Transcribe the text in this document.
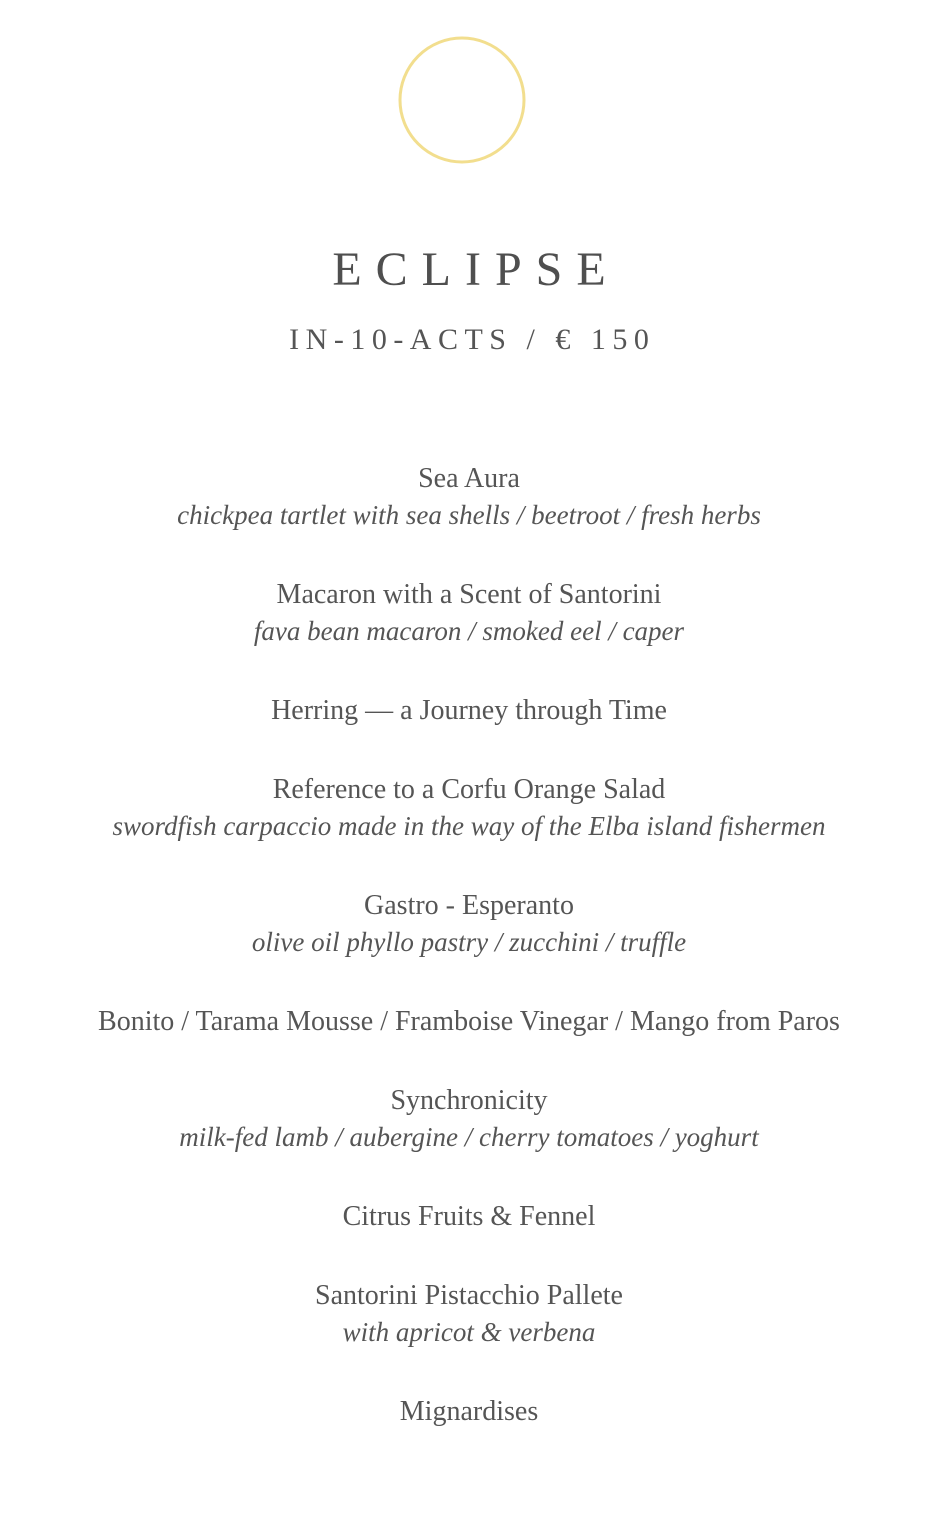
ECLIPSE
IN-10-ACTS / € 150
Sea Aura
chickpea tartlet with sea shells / beetroot / fresh herbs
Macaron with a Scent of Santorini
fava bean macaron / smoked eel / caper
Herring — a Journey through Time
Reference to a Corfu Orange Salad
swordfish carpaccio made in the way of the Elba island fishermen
Gastro - Esperanto
olive oil phyllo pastry / zucchini / truffle
Bonito / Tarama Mousse / Framboise Vinegar / Mango from Paros
Synchronicity
milk-fed lamb / aubergine / cherry tomatoes / yoghurt
Citrus Fruits & Fennel
Santorini Pistacchio Pallete
with apricot & verbena
Mignardises
